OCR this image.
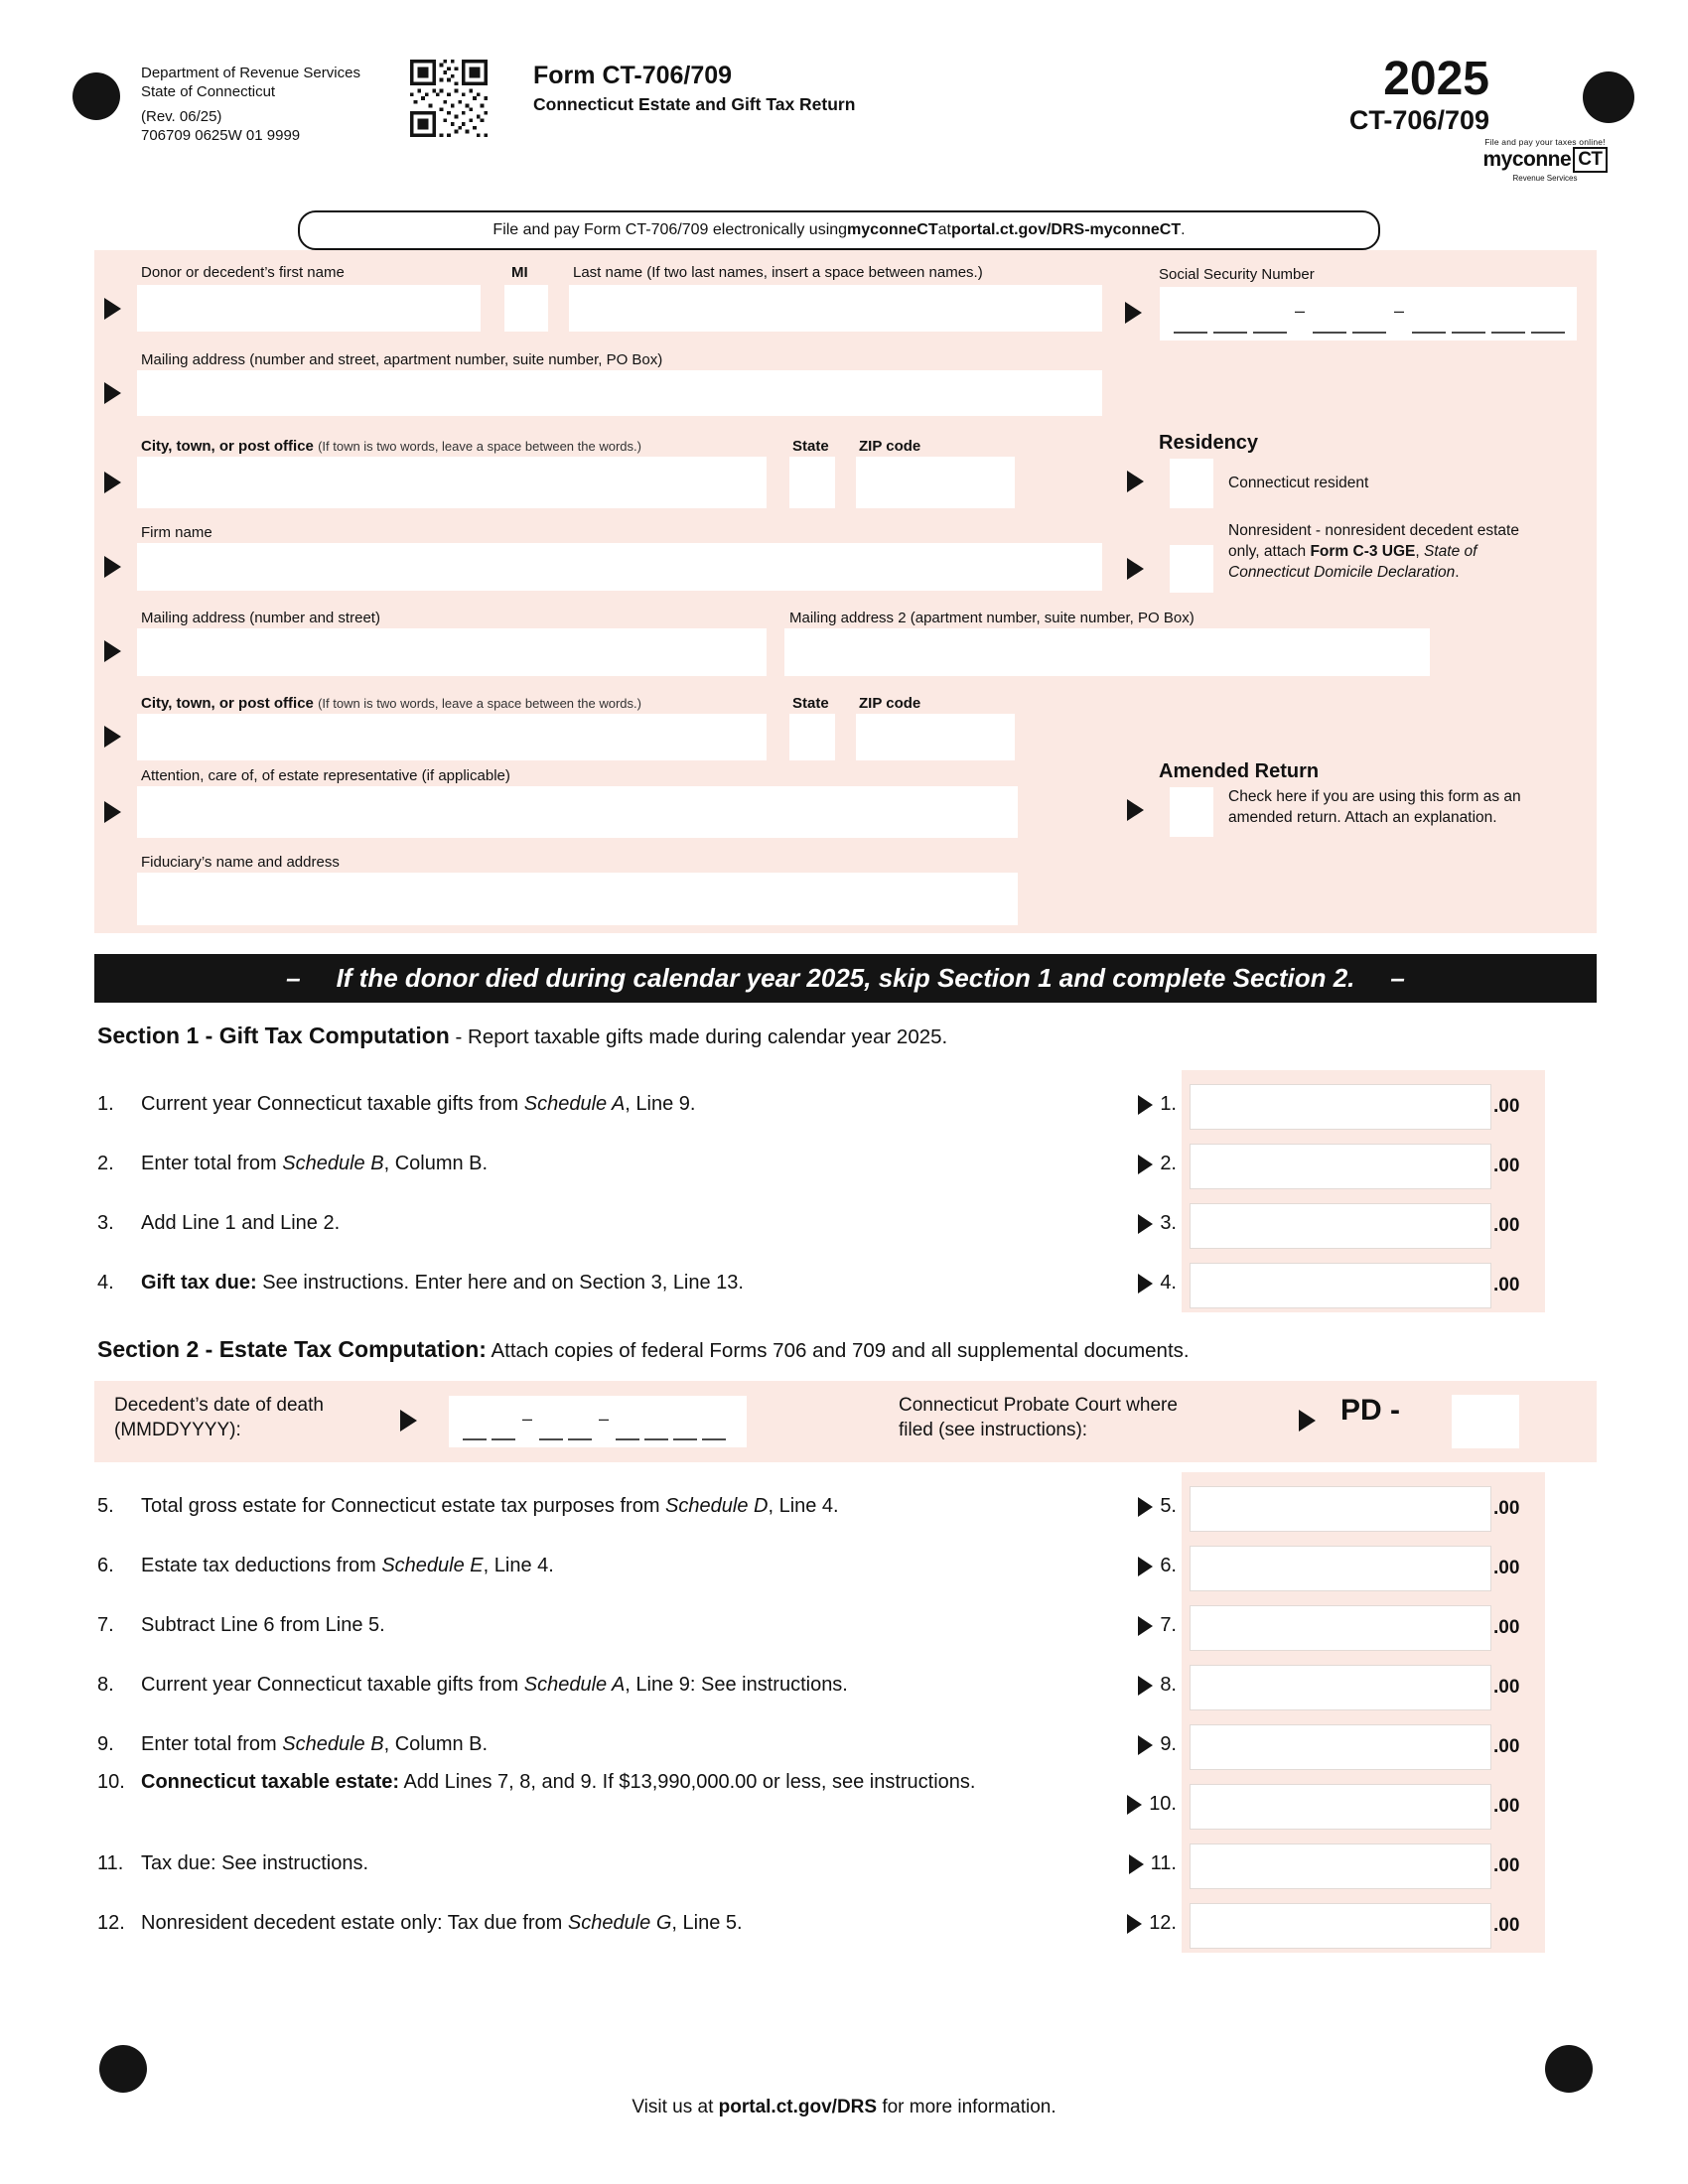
Department of Revenue Services
State of Connecticut
(Rev. 06/25)
706709 0625W 01 9999
Form CT-706/709
Connecticut Estate and Gift Tax Return	2025
CT-706/709
File and pay your taxes online!
myconne CT
Revenue Services
File and pay Form CT-706/709 electronically using myconneCT at portal.ct.gov/DRS-myconneCT .
Donor or decedent’s first name	MI	Last name (If two last names, insert a space between names.)	Social Security Number
–	–
Mailing address (number and street, apartment number, suite number, PO Box)
City, town, or post office (If town is two words, leave a space between the words.)	State ZIP code	Residency
Connecticut resident
Nonresident - nonresident decedent estate only, attach Form C-3 UGE, State of Connecticut Domicile Declaration.
Firm name
Mailing address (number and street)	Mailing address 2 (apartment number, suite number, PO Box)
City, town, or post office (If town is two words, leave a space between the words.)	State ZIP code
Amended Return
Check here if you are using this form as an amended return. Attach an explanation.
Attention, care of, of estate representative (if applicable)
Fiduciary’s name and address
– If the donor died during calendar year 2025, skip Section 1 and complete Section 2. –
Section 1 - Gift Tax Computation - Report taxable gifts made during calendar year 2025.
1.	Current year Connecticut taxable gifts from Schedule A, Line 9.	1.	.00
2.	Enter total from Schedule B, Column B.	2.	.00
3.	Add Line 1 and Line 2.	3.	.00
4.	Gift tax due: See instructions. Enter here and on Section 3, Line 13.	4.	.00
Section 2 - Estate Tax Computation: Attach copies of federal Forms 706 and 709 and all supplemental documents.
Decedent’s date of death (MMDDYYYY):
–	–
Connecticut Probate Court where filed (see instructions):
PD -
5.	Total gross estate for Connecticut estate tax purposes from Schedule D, Line 4.	5.	.00
6.	Estate tax deductions from Schedule E, Line 4.	6.	.00
7.	Subtract Line 6 from Line 5.	7.	.00
8.	Current year Connecticut taxable gifts from Schedule A, Line 9: See instructions.	8.	.00
9.	Enter total from Schedule B, Column B.	9.	.00
10. Connecticut taxable estate: Add Lines 7, 8, and 9. If $13,990,000.00 or less, see instructions.
10.	.00
11. Tax due: See instructions.	11.	.00
12. Nonresident decedent estate only: Tax due from Schedule G, Line 5.	12.	.00
Visit us at portal.ct.gov/DRS for more information.
